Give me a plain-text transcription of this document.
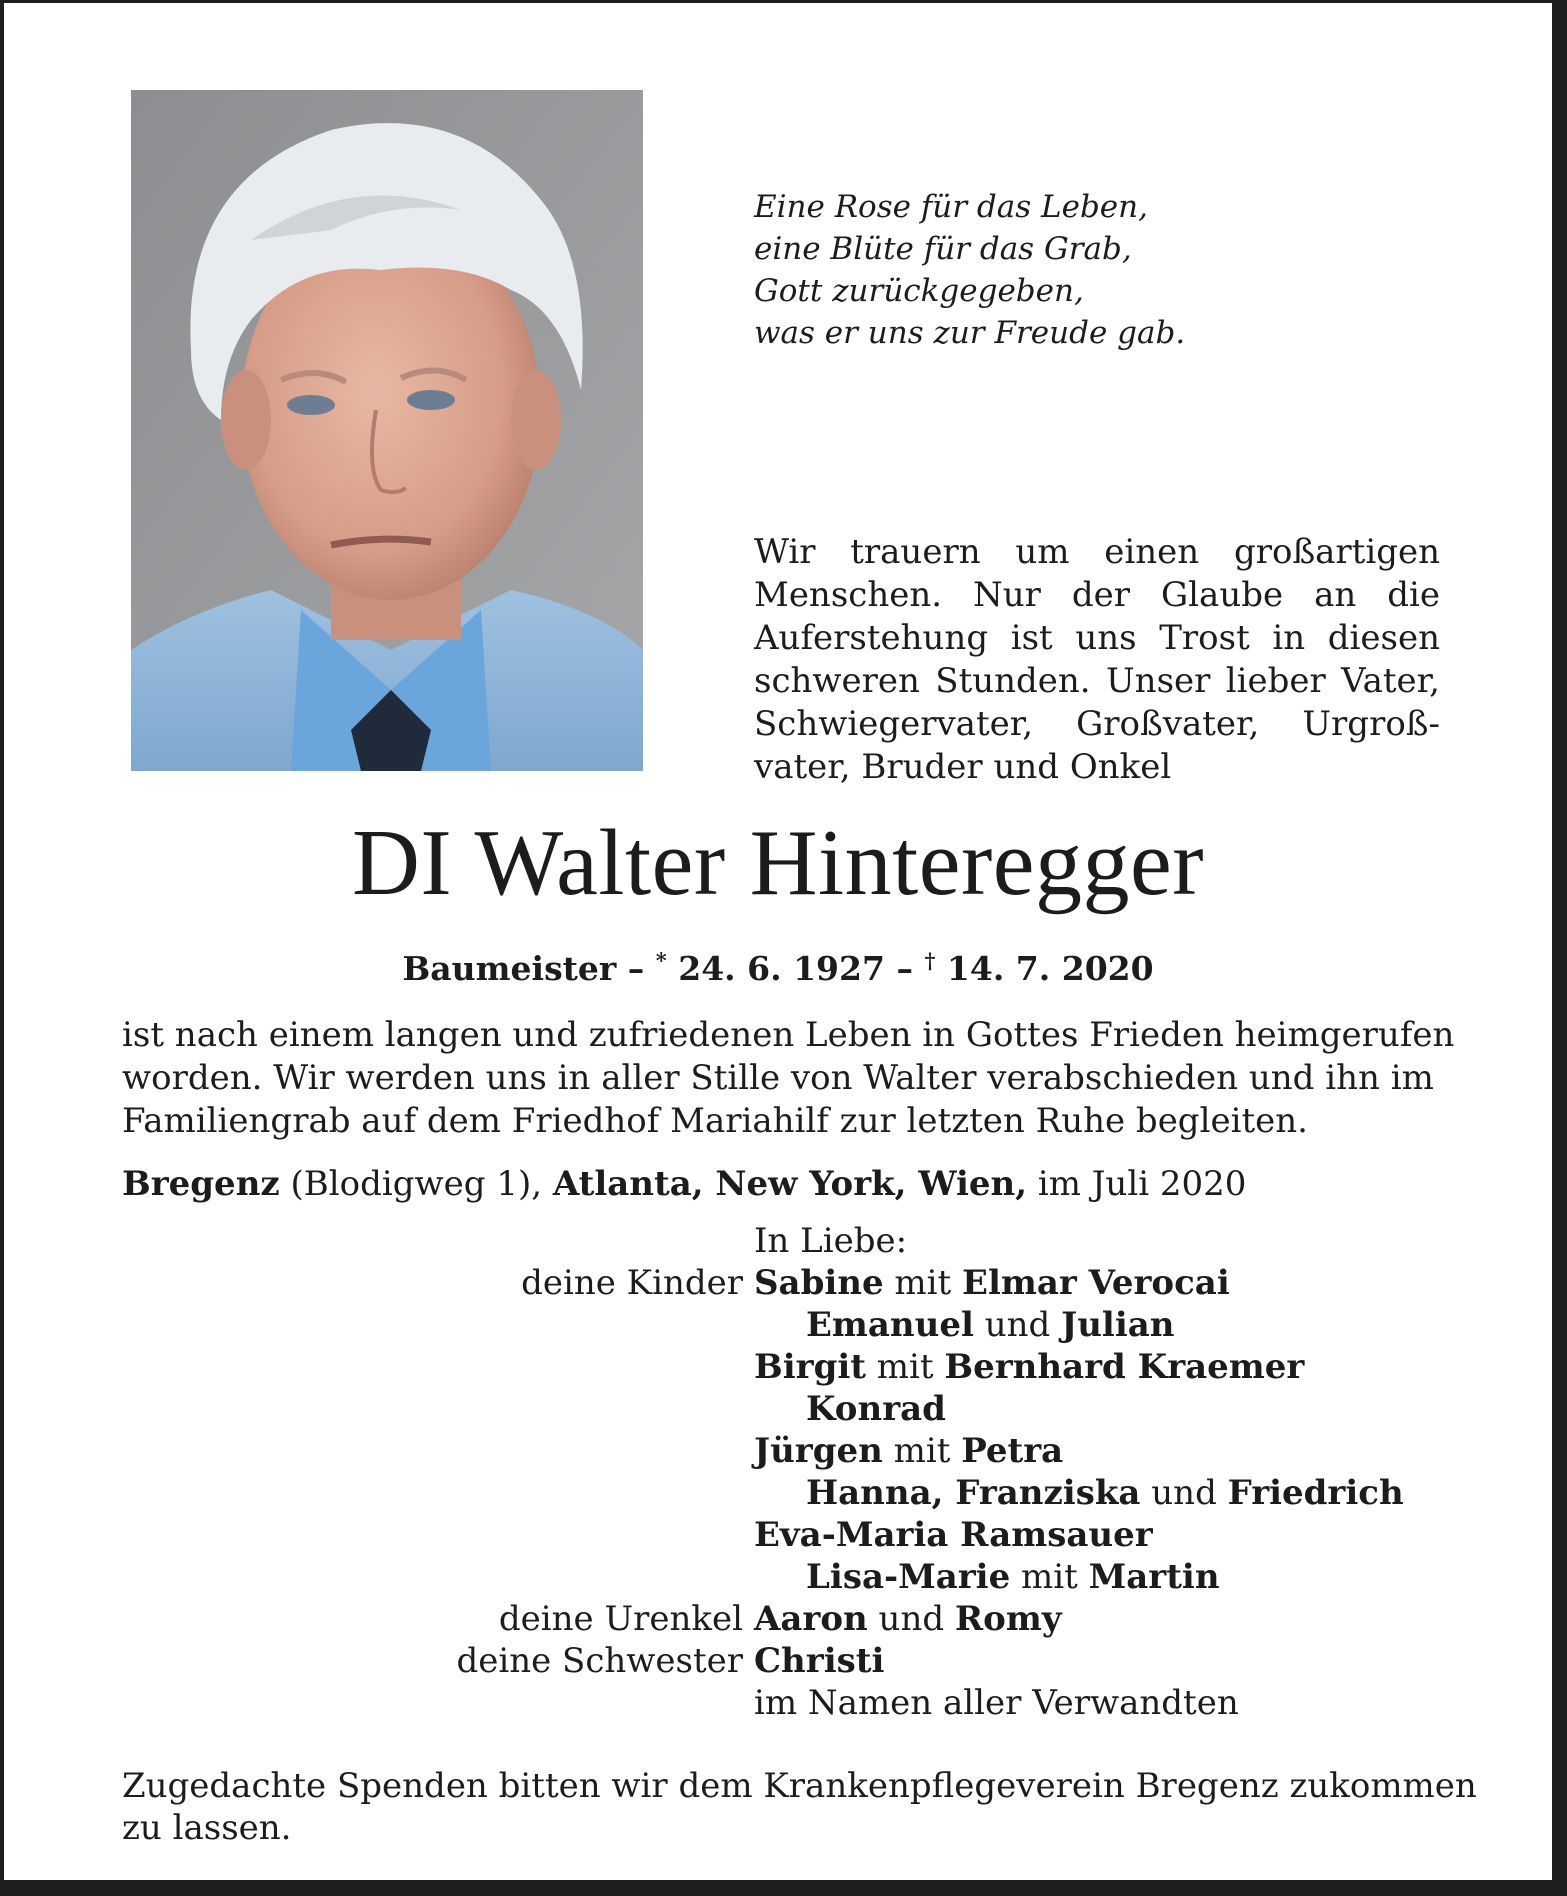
Eine Rose für das Leben,
eine Blüte für das Grab,
Gott zurückgegeben,
was er uns zur Freude gab.
Wir trauern um einen großartigen
Menschen. Nur der Glaube an die
Auferstehung ist uns Trost in diesen
schweren Stunden. Unser lieber Vater,
Schwiegervater, Großvater, Urgroß-
vater, Bruder und Onkel
DI Walter Hinteregger
Baumeister – * 24. 6. 1927 – † 14. 7. 2020
ist nach einem langen und zufriedenen Leben in Gottes Frieden heimgerufen
worden. Wir werden uns in aller Stille von Walter verabschieden und ihn im
Familiengrab auf dem Friedhof Mariahilf zur letzten Ruhe begleiten.
Bregenz (Blodigweg 1), Atlanta, New York, Wien, im Juli 2020
In Liebe:
deine Kinder Sabine mit Elmar Verocai
Emanuel und Julian
Birgit mit Bernhard Kraemer
Konrad
Jürgen mit Petra
Hanna, Franziska und Friedrich
Eva-Maria Ramsauer
Lisa-Marie mit Martin
deine Urenkel Aaron und Romy
deine Schwester Christi
im Namen aller Verwandten
Zugedachte Spenden bitten wir dem Krankenpflegeverein Bregenz zukommen
zu lassen.
